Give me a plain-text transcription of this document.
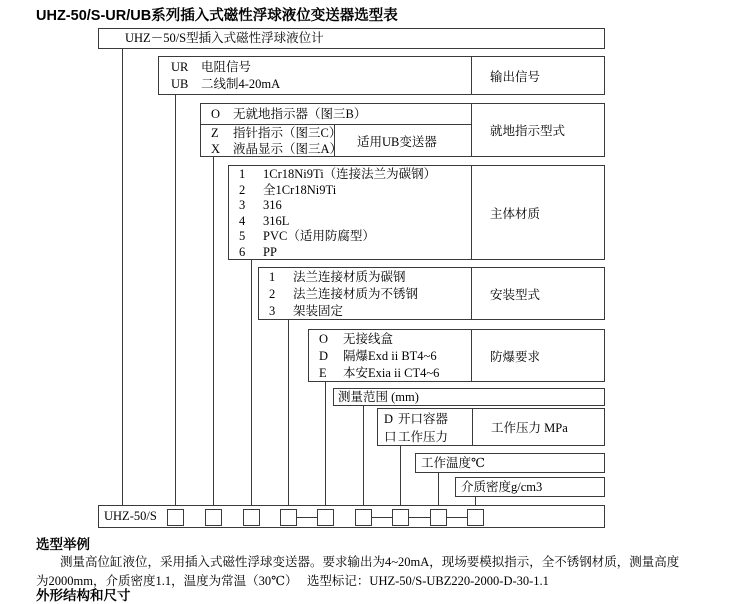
UHZ-50/S-UR/UB系列插入式磁性浮球液位变送器选型表
UHZ－50/S型插入式磁性浮球液位计
UR 电阻信号
UB 二线制4-20mA
输出信号
O 无就地指示器（图三B）
Z 指针指示（图三C）
X 液晶显示（图三A）	适用UB变送器
就地指示型式
1 1Cr18Ni9Ti（连接法兰为碳钢）
2 全1Cr18Ni9Ti
3 316
4 316L
5 PVC（适用防腐型）
6 PP
主体材质
1 法兰连接材质为碳钢
2 法兰连接材质为不锈钢
3 架装固定
安装型式
O 无接线盒
D 隔爆Exd ii BT4~6
E 本安Exia ii CT4~6
防爆要求
测量范围 (mm)
D 开口容器
口工作压力
工作压力 MPa
工作温度℃
介质密度g/cm3
UHZ-50/S
选型举例
测量高位缸液位，采用插入式磁性浮球变送器。要求输出为4~20mA，现场要模拟指示，全不锈钢材质，测量高度
为2000mm，介质密度1.1，温度为常温（30℃）　 选型标记：UHZ-50/S-UBZ220-2000-D-30-1.1
外形结构和尺寸
